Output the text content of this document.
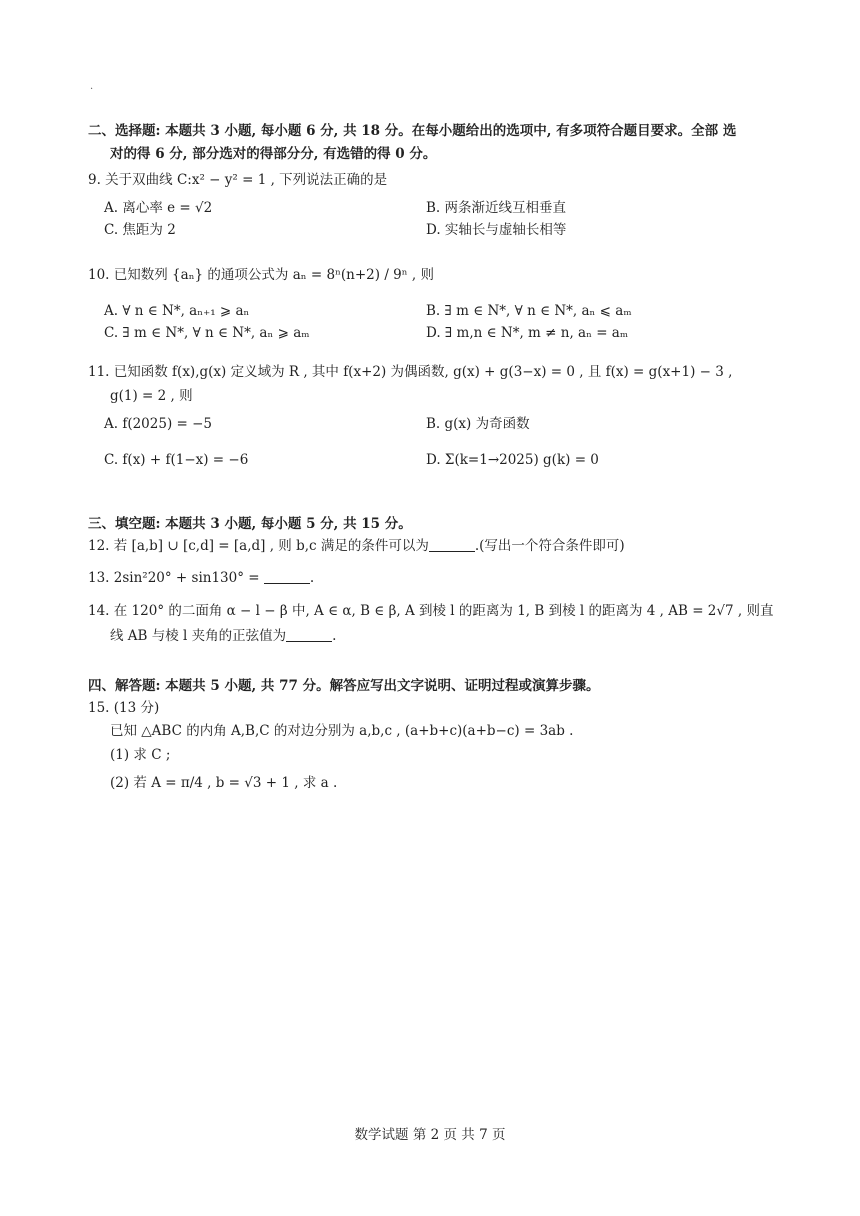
·
二、选择题: 本题共 3 小题, 每小题 6 分, 共 18 分。在每小题给出的选项中, 有多项符合题目要求。全部 选
对的得 6 分, 部分选对的得部分分, 有选错的得 0 分。
9. 关于双曲线 C:x² − y² = 1 , 下列说法正确的是
A. 离心率 e = √2	B. 两条渐近线互相垂直
C. 焦距为 2	D. 实轴长与虚轴长相等
10. 已知数列 {aₙ} 的通项公式为 aₙ = 8ⁿ(n+2) / 9ⁿ , 则
A. ∀ n ∈ N*, aₙ₊₁ ⩾ aₙ	B. ∃ m ∈ N*, ∀ n ∈ N*, aₙ ⩽ aₘ
C. ∃ m ∈ N*, ∀ n ∈ N*, aₙ ⩾ aₘ	D. ∃ m,n ∈ N*, m ≠ n, aₙ = aₘ
11. 已知函数 f(x),g(x) 定义域为 R , 其中 f(x+2) 为偶函数, g(x) + g(3−x) = 0 , 且 f(x) = g(x+1) − 3 ,
g(1) = 2 , 则
A. f(2025) = −5	B. g(x) 为奇函数
C. f(x) + f(1−x) = −6	D. Σ(k=1→2025) g(k) = 0
三、填空题: 本题共 3 小题, 每小题 5 分, 共 15 分。
12. 若 [a,b] ∪ [c,d] = [a,d] , 则 b,c 满足的条件可以为	.(写出一个符合条件即可)
13. 2sin²20° + sin130° =	.
14. 在 120° 的二面角 α − l − β 中, A ∈ α, B ∈ β, A 到棱 l 的距离为 1, B 到棱 l 的距离为 4 , AB = 2√7 , 则直
线 AB 与棱 l 夹角的正弦值为	.
四、解答题: 本题共 5 小题, 共 77 分。解答应写出文字说明、证明过程或演算步骤。
15. (13 分)
已知 △ABC 的内角 A,B,C 的对边分别为 a,b,c , (a+b+c)(a+b−c) = 3ab .
(1) 求 C ;
(2) 若 A = π/4 , b = √3 + 1 , 求 a .
数学试题 第 2 页 共 7 页
